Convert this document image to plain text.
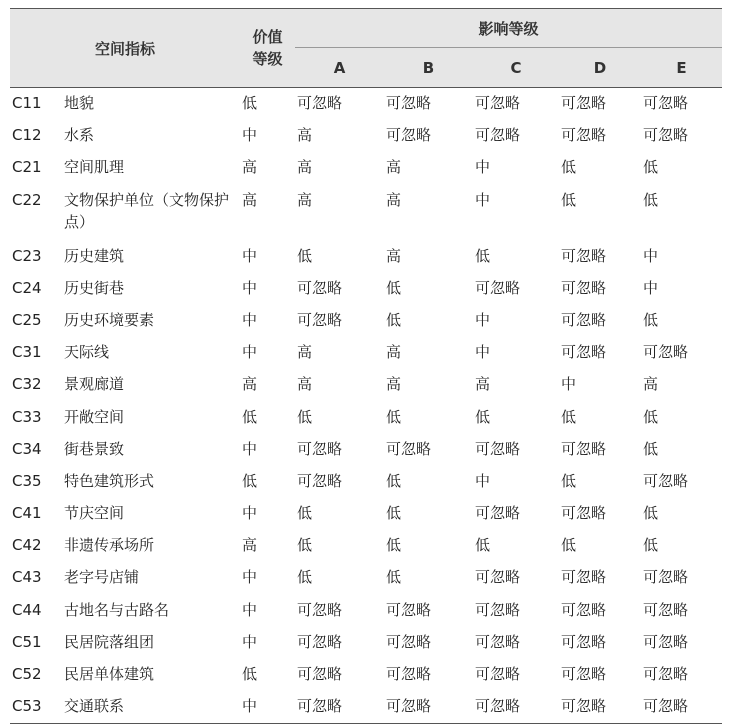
空间指标		价值
等级	影响等级				
			A	B	C	D	E
C11	地貌	低	可忽略	可忽略	可忽略	可忽略	可忽略
C12	水系	中	高	可忽略	可忽略	可忽略	可忽略
C21	空间肌理	高	高	高	中	低	低
C22	文物保护单位（文物保护点）	高	高	高	中	低	低
C23	历史建筑	中	低	高	低	可忽略	中
C24	历史街巷	中	可忽略	低	可忽略	可忽略	中
C25	历史环境要素	中	可忽略	低	中	可忽略	低
C31	天际线	中	高	高	中	可忽略	可忽略
C32	景观廊道	高	高	高	高	中	高
C33	开敞空间	低	低	低	低	低	低
C34	街巷景致	中	可忽略	可忽略	可忽略	可忽略	低
C35	特色建筑形式	低	可忽略	低	中	低	可忽略
C41	节庆空间	中	低	低	可忽略	可忽略	低
C42	非遗传承场所	高	低	低	低	低	低
C43	老字号店铺	中	低	低	可忽略	可忽略	可忽略
C44	古地名与古路名	中	可忽略	可忽略	可忽略	可忽略	可忽略
C51	民居院落组团	中	可忽略	可忽略	可忽略	可忽略	可忽略
C52	民居单体建筑	低	可忽略	可忽略	可忽略	可忽略	可忽略
C53	交通联系	中	可忽略	可忽略	可忽略	可忽略	可忽略
